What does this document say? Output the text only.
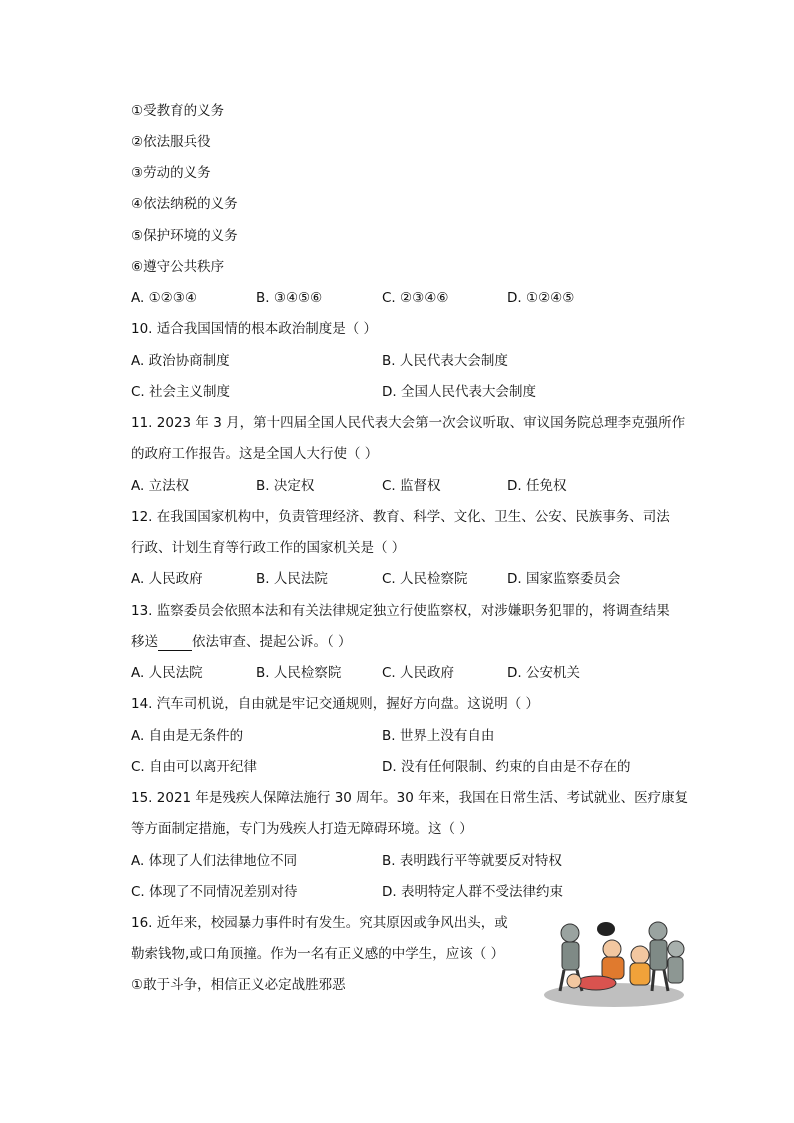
①受教育的义务
②依法服兵役
③劳动的义务
④依法纳税的义务
⑤保护环境的义务
⑥遵守公共秩序
A. ①②③④	B. ③④⑤⑥	C. ②③④⑥	D. ①②④⑤
10. 适合我国国情的根本政治制度是（ ）
A. 政治协商制度	B. 人民代表大会制度
C. 社会主义制度	D. 全国人民代表大会制度
11. 2023 年 3 月，第十四届全国人民代表大会第一次会议听取、审议国务院总理李克强所作
的政府工作报告。这是全国人大行使（ ）
A. 立法权	B. 决定权	C. 监督权	D. 任免权
12. 在我国国家机构中，负责管理经济、教育、科学、文化、卫生、公安、民族事务、司法
行政、计划生育等行政工作的国家机关是（ ）
A. 人民政府	B. 人民法院	C. 人民检察院	D. 国家监察委员会
13. 监察委员会依照本法和有关法律规定独立行使监察权，对涉嫌职务犯罪的，将调查结果
移送	依法审查、提起公诉。（ ）
A. 人民法院	B. 人民检察院	C. 人民政府	D. 公安机关
14. 汽车司机说，自由就是牢记交通规则，握好方向盘。这说明（ ）
A. 自由是无条件的	B. 世界上没有自由
C. 自由可以离开纪律	D. 没有任何限制、约束的自由是不存在的
15. 2021 年是残疾人保障法施行 30 周年。30 年来，我国在日常生活、考试就业、医疗康复
等方面制定措施，专门为残疾人打造无障碍环境。这（ ）
A. 体现了人们法律地位不同	B. 表明践行平等就要反对特权
C. 体现了不同情况差别对待	D. 表明特定人群不受法律约束
16. 近年来，校园暴力事件时有发生。究其原因或争风出头，或
勒索钱物,或口角顶撞。作为一名有正义感的中学生，应该（ ）
①敢于斗争，相信正义必定战胜邪恶
